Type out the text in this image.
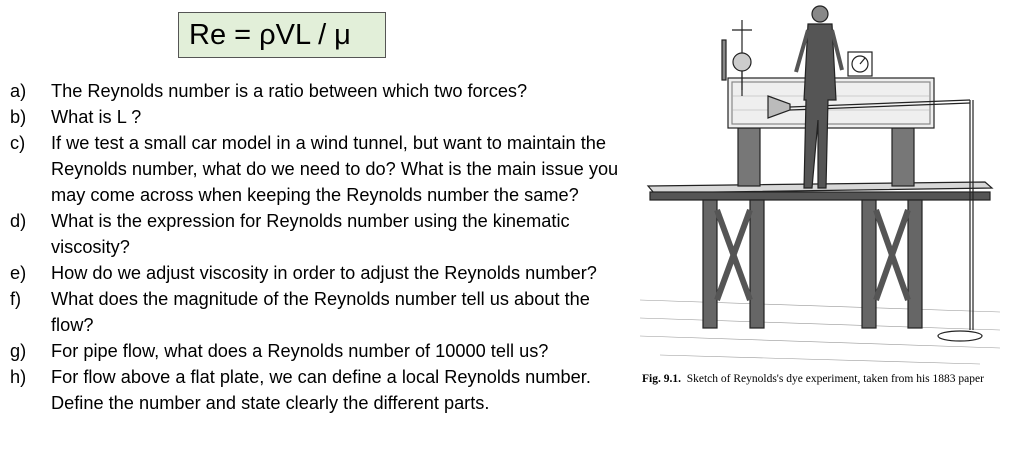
Re = ρVL / μ
a)	The Reynolds number is a ratio between which two forces?
b)	What is L ?
c)	If we test a small car model in a wind tunnel, but want to maintain the Reynolds number, what do we need to do? What is the main issue you may come across when keeping the Reynolds number the same?
d)	What is the expression for Reynolds number using the kinematic viscosity?
e)	How do we adjust viscosity in order to adjust the Reynolds number?
f)	What does the magnitude of the Reynolds number tell us about the flow?
g)	For pipe flow, what does a Reynolds number of 10000 tell us?
h)	For flow above a flat plate, we can define a local Reynolds number. Define the number and state clearly the different parts.
Fig. 9.1. Sketch of Reynolds's dye experiment, taken from his 1883 paper
